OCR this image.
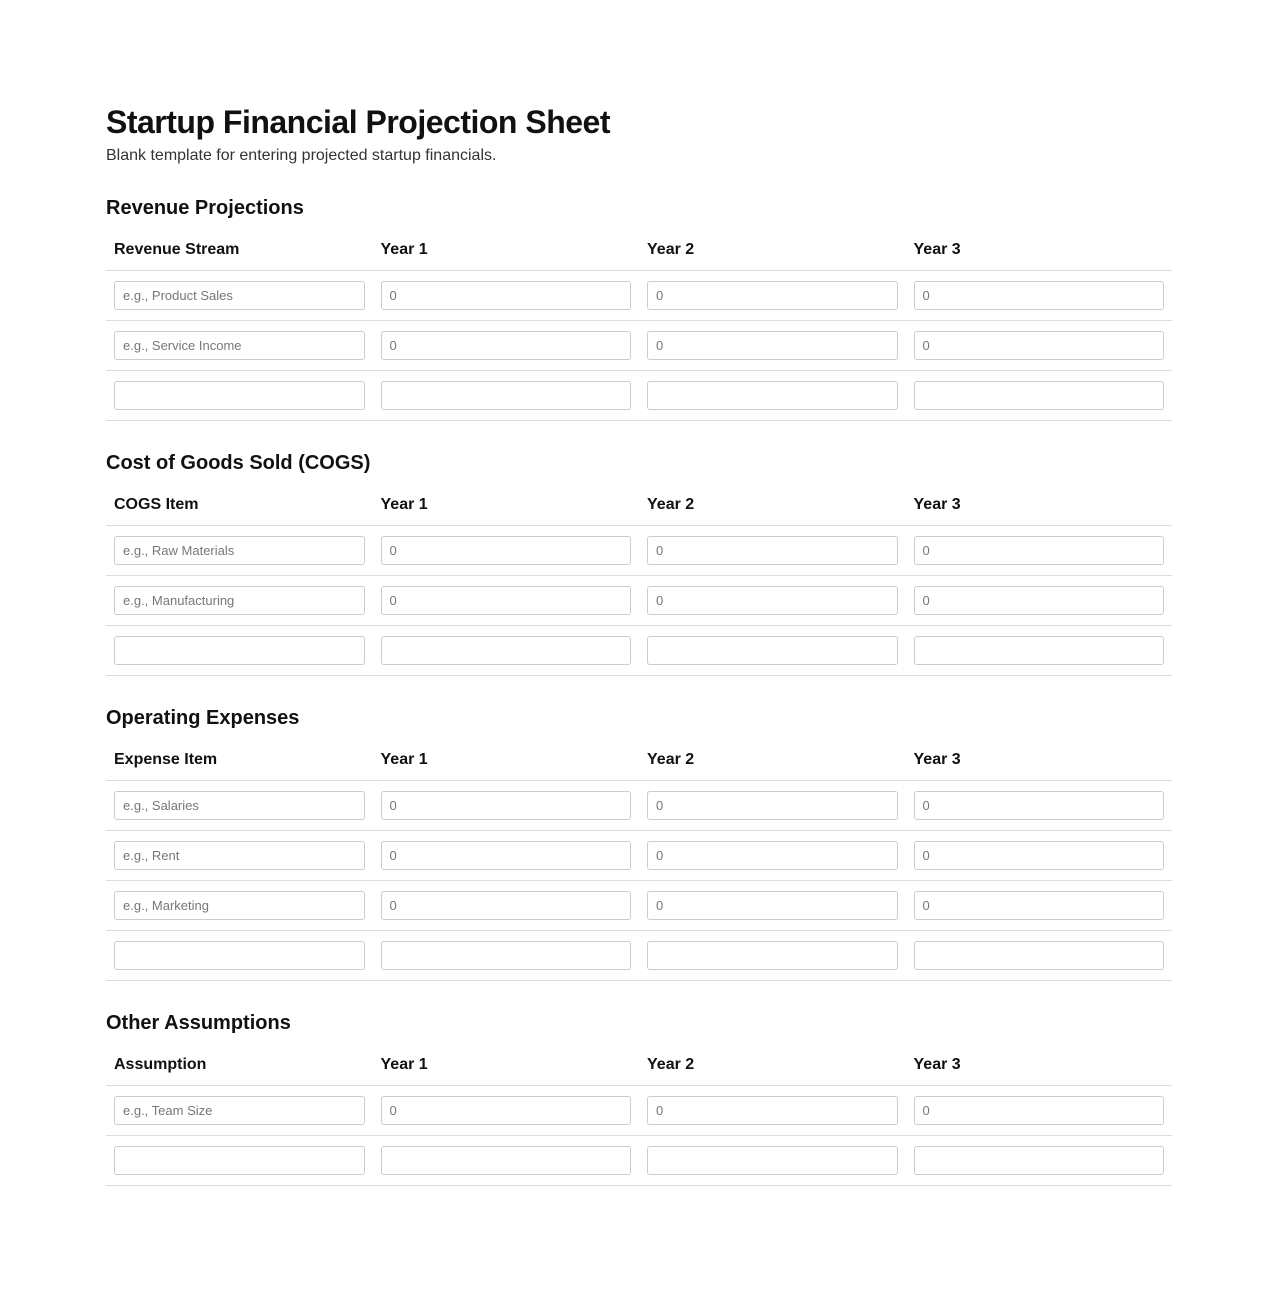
Startup Financial Projection Sheet

Blank template for entering projected startup financials.

Revenue Projections
Revenue Stream	Year 1	Year 2	Year 3

e.g., Product Sales	0	0	0

e.g., Service Income	0	0	0

Cost of Goods Sold (COGS)
COGS Item	Year 1	Year 2	Year 3

e.g., Raw Materials	0	0	0

e.g., Manufacturing	0	0	0

Operating Expenses
Expense Item	Year 1	Year 2	Year 3

e.g., Salaries	0	0	0

e.g., Rent	0	0	0

e.g., Marketing	0	0	0

Other Assumptions
Assumption	Year 1	Year 2	Year 3

e.g., Team Size	0	0	0
